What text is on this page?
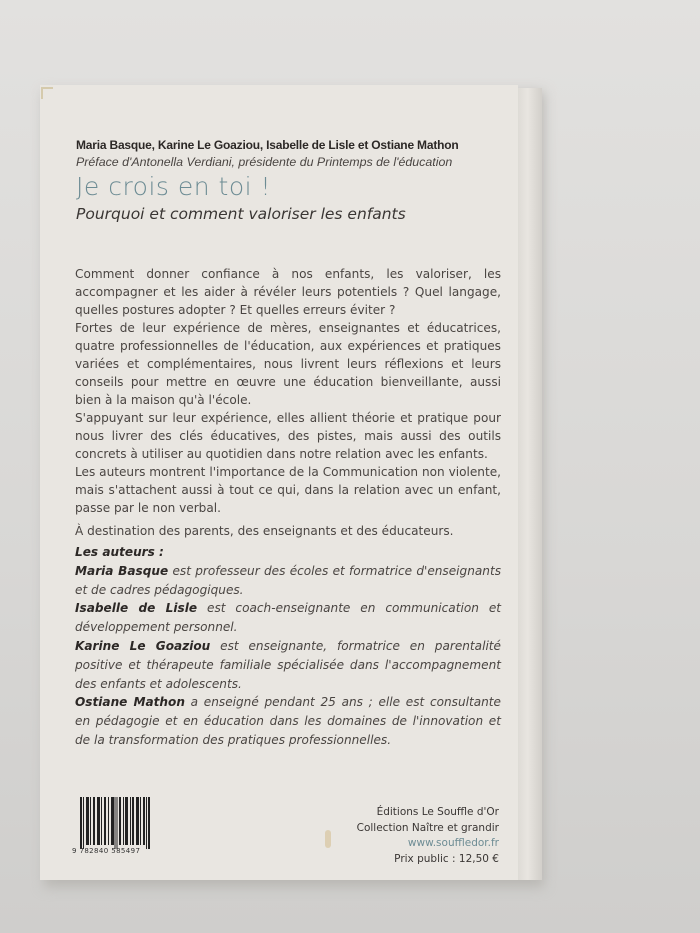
Maria Basque, Karine Le Goaziou, Isabelle de Lisle et Ostiane Mathon
Préface d'Antonella Verdiani, présidente du Printemps de l'éducation
Je crois en toi !
Pourquoi et comment valoriser les enfants

Comment donner confiance à nos enfants, les valoriser, les accompagner et les aider à révéler leurs potentiels ? Quel langage, quelles postures adopter ? Et quelles erreurs éviter ?

Fortes de leur expérience de mères, enseignantes et éducatrices, quatre professionnelles de l'éducation, aux expériences et pratiques variées et complémentaires, nous livrent leurs réflexions et leurs conseils pour mettre en œuvre une éducation bienveillante, aussi bien à la maison qu'à l'école.

S'appuyant sur leur expérience, elles allient théorie et pratique pour nous livrer des clés éducatives, des pistes, mais aussi des outils concrets à utiliser au quotidien dans notre relation avec les enfants.

Les auteurs montrent l'importance de la Communication non violente, mais s'attachent aussi à tout ce qui, dans la relation avec un enfant, passe par le non verbal.

À destination des parents, des enseignants et des éducateurs.

Les auteurs :

Maria Basque est professeur des écoles et formatrice d'enseignants et de cadres pédagogiques.

Isabelle de Lisle est coach-enseignante en communication et développement personnel.

Karine Le Goaziou est enseignante, formatrice en parentalité positive et thérapeute familiale spécialisée dans l'accompagnement des enfants et adolescents.

Ostiane Mathon a enseigné pendant 25 ans ; elle est consultante en pédagogie et en éducation dans les domaines de l'innovation et de la transformation des pratiques professionnelles.

9 782840 585497
Éditions Le Souffle d'Or
Collection Naître et grandir
www.souffledor.fr
Prix public : 12,50 €
